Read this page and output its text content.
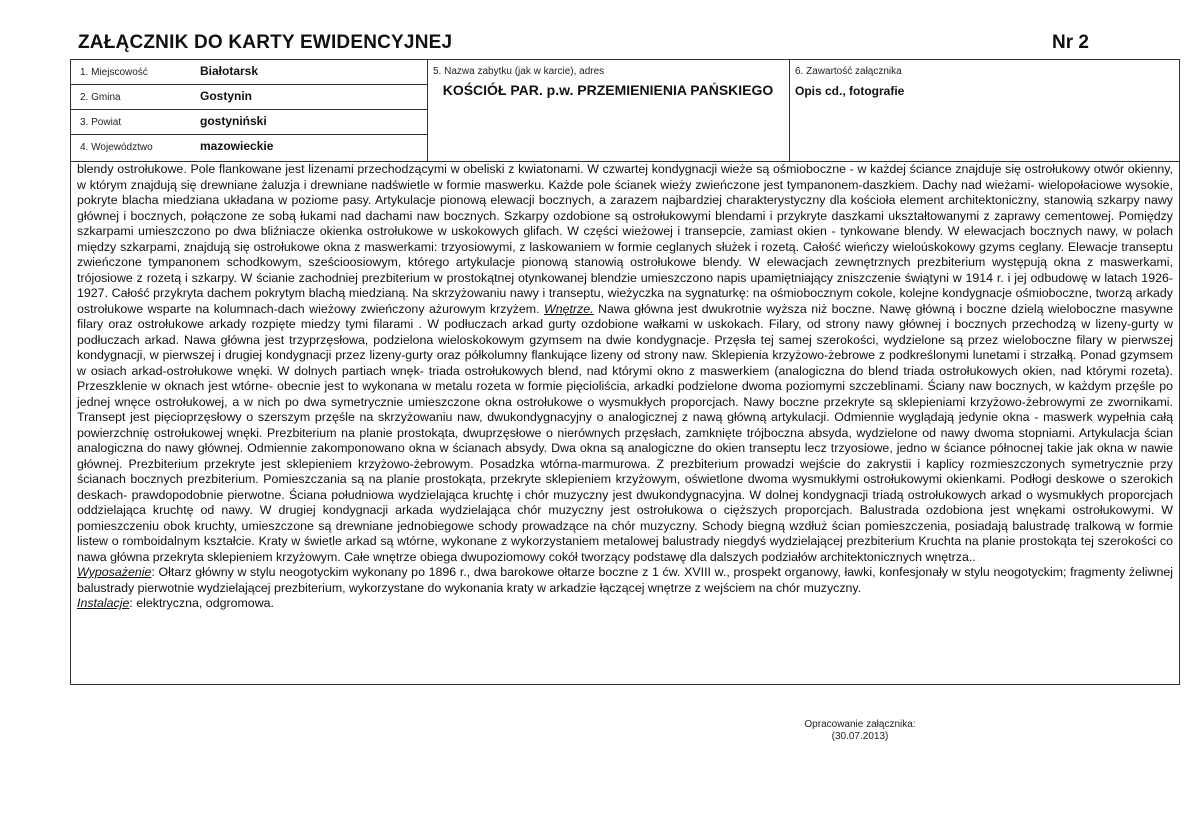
ZAŁĄCZNIK DO KARTY EWIDENCYJNEJ	Nr 2
1. Miejscowość	Białotarsk
2. Gmina	Gostynin
3. Powiat	gostyniński
4. Województwo	mazowieckie
5. Nazwa zabytku (jak w karcie), adres
KOŚCIÓŁ PAR. p.w. PRZEMIENIENIA PAŃSKIEGO
6. Zawartość załącznika
Opis cd., fotografie

blendy ostrołukowe. Pole flankowane jest lizenami przechodzącymi w obeliski z kwiatonami. W czwartej kondygnacji wieże są ośmioboczne - w każdej ściance znajduje się ostrołukowy otwór okienny, w którym znajdują się drewniane żaluzja i drewniane nadświetle w formie maswerku. Każde pole ścianek wieży zwieńczone jest tympanonem-daszkiem. Dachy nad wieżami- wielopołaciowe wysokie, pokryte blacha miedziana układana w poziome pasy. Artykulacje pionową elewacji bocznych, a zarazem najbardziej charakterystyczny dla kościoła element architektoniczny, stanowią szkarpy nawy głównej i bocznych, połączone ze sobą łukami nad dachami naw bocznych. Szkarpy ozdobione są ostrołukowymi blendami i przykryte daszkami ukształtowanymi z zaprawy cementowej. Pomiędzy szkarpami umieszczono po dwa bliźniacze okienka ostrołukowe w uskokowych glifach. W części wieżowej i transepcie, zamiast okien - tynkowane blendy. W elewacjach bocznych nawy, w polach między szkarpami, znajdują się ostrołukowe okna z maswerkami: trzyosiowymi, z laskowaniem w formie ceglanych służek i rozetą. Całość wieńczy wieloúskokowy gzyms ceglany. Elewacje transeptu zwieńczone tympanonem schodkowym, sześcioosiowym, którego artykulacje pionową stanowią ostrołukowe blendy. W elewacjach zewnętrznych prezbiterium występują okna z maswerkami, trójosiowe z rozetą i szkarpy. W ścianie zachodniej prezbiterium w prostokątnej otynkowanej blendzie umieszczono napis upamiętniający zniszczenie świątyni w 1914 r. i jej odbudowę w latach 1926-1927. Całość przykryta dachem pokrytym blachą miedzianą. Na skrzyżowaniu nawy i transeptu, wieżyczka na sygnaturkę: na ośmiobocznym cokole, kolejne kondygnacje ośmioboczne, tworzą arkady ostrołukowe wsparte na kolumnach-dach wieżowy zwieńczony ażurowym krzyżem. Wnętrze. Nawa główna jest dwukrotnie wyższa niż boczne. Nawę główną i boczne dzielą wieloboczne masywne filary oraz ostrołukowe arkady rozpięte miedzy tymi filarami . W podłuczach arkad gurty ozdobione wałkami w uskokach. Filary, od strony nawy głównej i bocznych przechodzą w lizeny-gurty w podłuczach arkad. Nawa główna jest trzyprzęsłowa, podzielona wieloskokowym gzymsem na dwie kondygnacje. Przęsła tej samej szerokości, wydzielone są przez wieloboczne filary w pierwszej kondygnacji, w pierwszej i drugiej kondygnacji przez lizeny-gurty oraz półkolumny flankujące lizeny od strony naw. Sklepienia krzyżowo-żebrowe z podkreślonymi lunetami i strzałką. Ponad gzymsem w osiach arkad-ostrołukowe wnęki. W dolnych partiach wnęk- triada ostrołukowych blend, nad którymi okno z maswerkiem (analogiczna do blend triada ostrołukowych okien, nad którymi rozeta). Przeszklenie w oknach jest wtórne- obecnie jest to wykonana w metalu rozeta w formie pięcioliścia, arkadki podzielone dwoma poziomymi szczeblinami. Ściany naw bocznych, w każdym przęśle po jednej wnęce ostrołukowej, a w nich po dwa symetrycznie umieszczone okna ostrołukowe o wysmukłych proporcjach. Nawy boczne przekryte są sklepieniami krzyżowo-żebrowymi ze zwornikami. Transept jest pięcioprzęsłowy o szerszym przęśle na skrzyżowaniu naw, dwukondygnacyjny o analogicznej z nawą główną artykulacji. Odmiennie wyglądają jedynie okna - maswerk wypełnia całą powierzchnię ostrołukowej wnęki. Prezbiterium na planie prostokąta, dwuprzęsłowe o nierównych przęsłach, zamknięte trójboczna absyda, wydzielone od nawy dwoma stopniami. Artykulacja ścian analogiczna do nawy głównej. Odmiennie zakomponowano okna w ścianach absydy. Dwa okna są analogiczne do okien transeptu lecz trzyosiowe, jedno w ściance północnej takie jak okna w nawie głównej. Prezbiterium przekryte jest sklepieniem krzyżowo-żebrowym. Posadzka wtórna-marmurowa. Z prezbiterium prowadzi wejście do zakrystii i kaplicy rozmieszczonych symetrycznie przy ścianach bocznych prezbiterium. Pomieszczania są na planie prostokąta, przekryte sklepieniem krzyżowym, oświetlone dwoma wysmukłymi ostrołukowymi okienkami. Podłogi deskowe o szerokich deskach- prawdopodobnie pierwotne. Ściana południowa wydzielająca kruchtę i chór muzyczny jest dwukondygnacyjna. W dolnej kondygnacji triadą ostrołukowych arkad o wysmukłych proporcjach oddzielająca kruchtę od nawy. W drugiej kondygnacji arkada wydzielająca chór muzyczny jest ostrołukowa o cięższych proporcjach. Balustrada ozdobiona jest wnękami ostrołukowymi. W pomieszczeniu obok kruchty, umieszczone są drewniane jednobiegowe schody prowadzące na chór muzyczny. Schody biegną wzdłuż ścian pomieszczenia, posiadają balustradę tralkową w formie listew o romboidalnym kształcie. Kraty w świetle arkad są wtórne, wykonane z wykorzystaniem metalowej balustrady niegdyś wydzielającej prezbiterium Kruchta na planie prostokąta tej szerokości co nawa główna przekryta sklepieniem krzyżowym. Całe wnętrze obiega dwupoziomowy cokół tworzący podstawę dla dalszych podziałów architektonicznych wnętrza..

Wyposażenie: Ołtarz główny w stylu neogotyckim wykonany po 1896 r., dwa barokowe ołtarze boczne z 1 ćw. XVIII w., prospekt organowy, ławki, konfesjonały w stylu neogotyckim; fragmenty żeliwnej balustrady pierwotnie wydzielającej prezbiterium, wykorzystane do wykonania kraty w arkadzie łączącej wnętrze z wejściem na chór muzyczny.

Instalacje: elektryczna, odgromowa.

Opracowanie załącznika:
(30.07.2013)
